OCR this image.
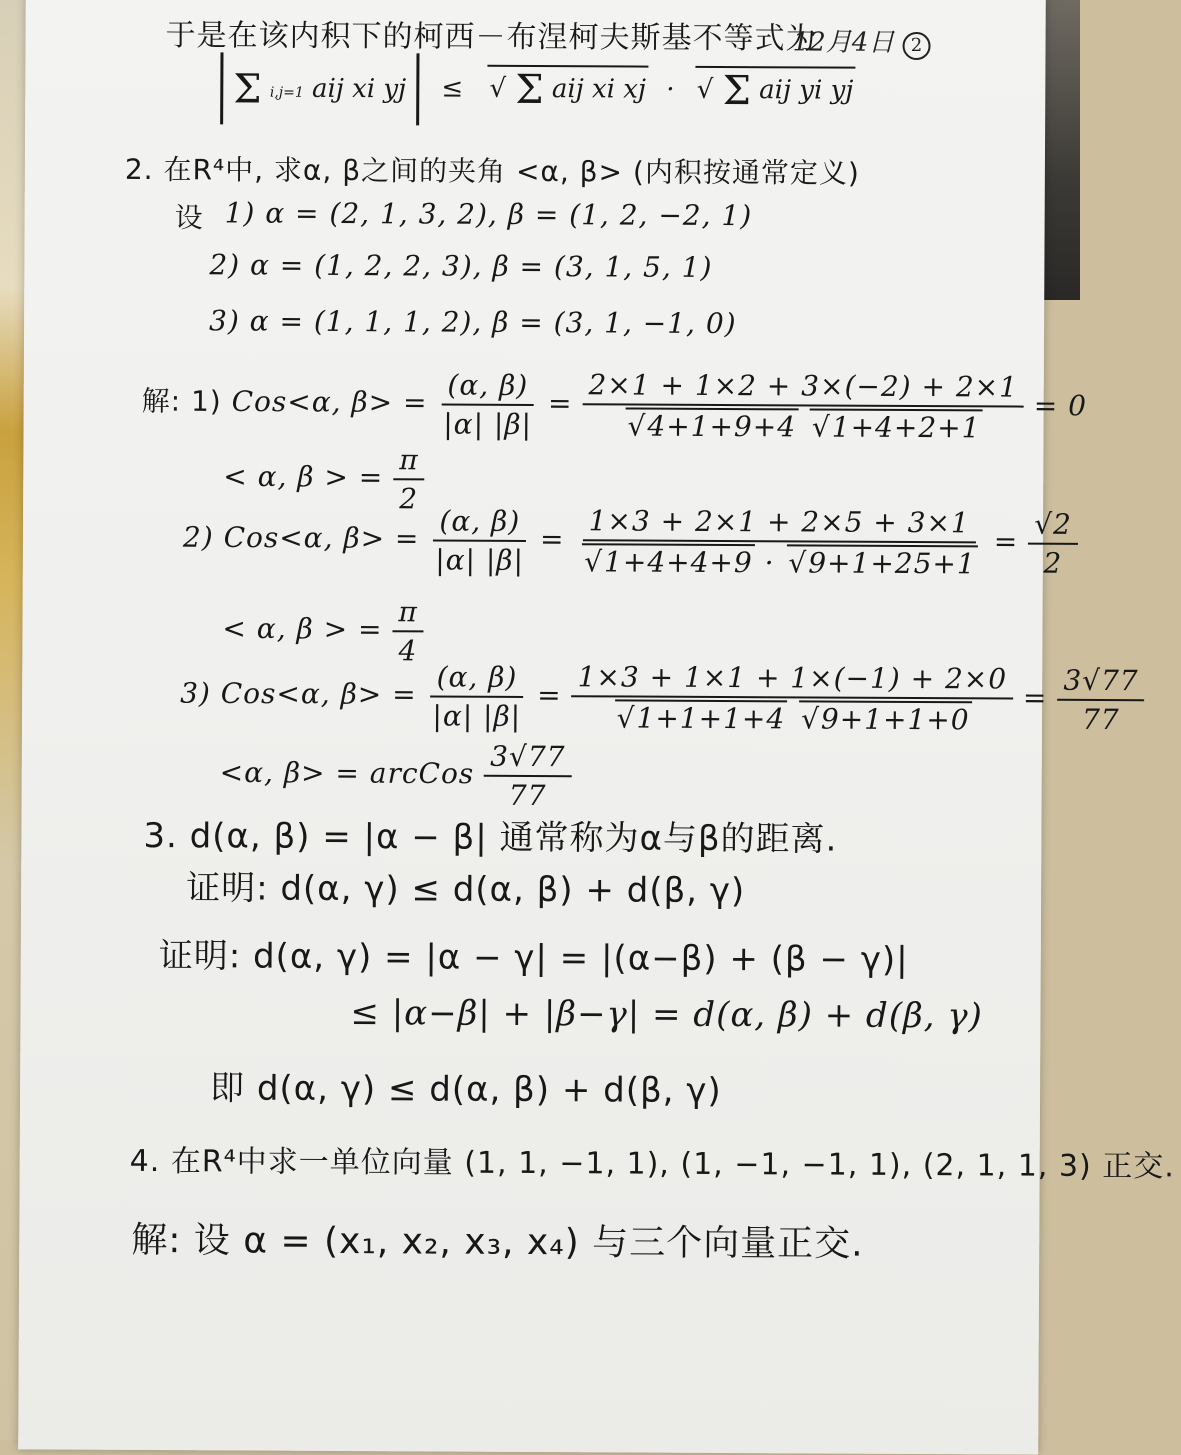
于是在该内积下的柯西－布涅柯夫斯基不等式为
12月4日 2
Σ i,j=1 aij xi yj ≤ √ Σ aij xi xj · √ Σ aij yi yj
2. 在R⁴中, 求α, β之间的夹角 <α, β> (内积按通常定义)
设 1) α = (2, 1, 3, 2), β = (1, 2, −2, 1)
2) α = (1, 2, 2, 3), β = (3, 1, 5, 1)
3) α = (1, 1, 1, 2), β = (3, 1, −1, 0)
解: 1) Cos<α, $\beta> = \frac{(\alpha, \beta)}{|\alpha| |\beta|} = 2\times 1 + 1\times 2 + 3\times(-2) + 2\times 1$
√ 4+1+9+4 √ 1+4+2+1 = 0
< α, β > = $\frac{\pi}{2}$
2) Cos<α, $\beta> = \frac{(\alpha, \beta)}{|\alpha| |\beta|} = 1\times 3 + 2\times 1 + 2\times 5 + 3\times 1$
√ 1+4+4+9 · √ $9+1+25+1 = \frac{√2}{2}$
< α, β > = $\frac{\pi}{4}$
3) Cos<α, $\beta> = \frac{(\alpha, \beta)}{|\alpha| |\beta|} = 1\times 3 + 1\times 1 + 1\times(-1) + 2\times 0$
√ 1+1+1+4 √ $9+1+1+0 = \frac{3√77}{77}$
<α, β> = arcCos $\frac{3√77}{77}$
3. d(α, β) = |α − β| 通常称为α与β的距离.
证明: d(α, γ) ≤ d(α, β) + d(β, γ)
证明: d(α, γ) = |α − γ| = |(α−β) + (β − γ)|
≤ |α−β| + |β−γ| = d(α, β) + d(β, γ)
即 d(α, γ) ≤ d(α, β) + d(β, γ)
4. 在R⁴中求一单位向量 (1, 1, −1, 1), (1, −1, −1, 1), (2, 1, 1, 3) 正交.
解: 设 α = (x₁, x₂, x₃, x₄) 与三个向量正交.
